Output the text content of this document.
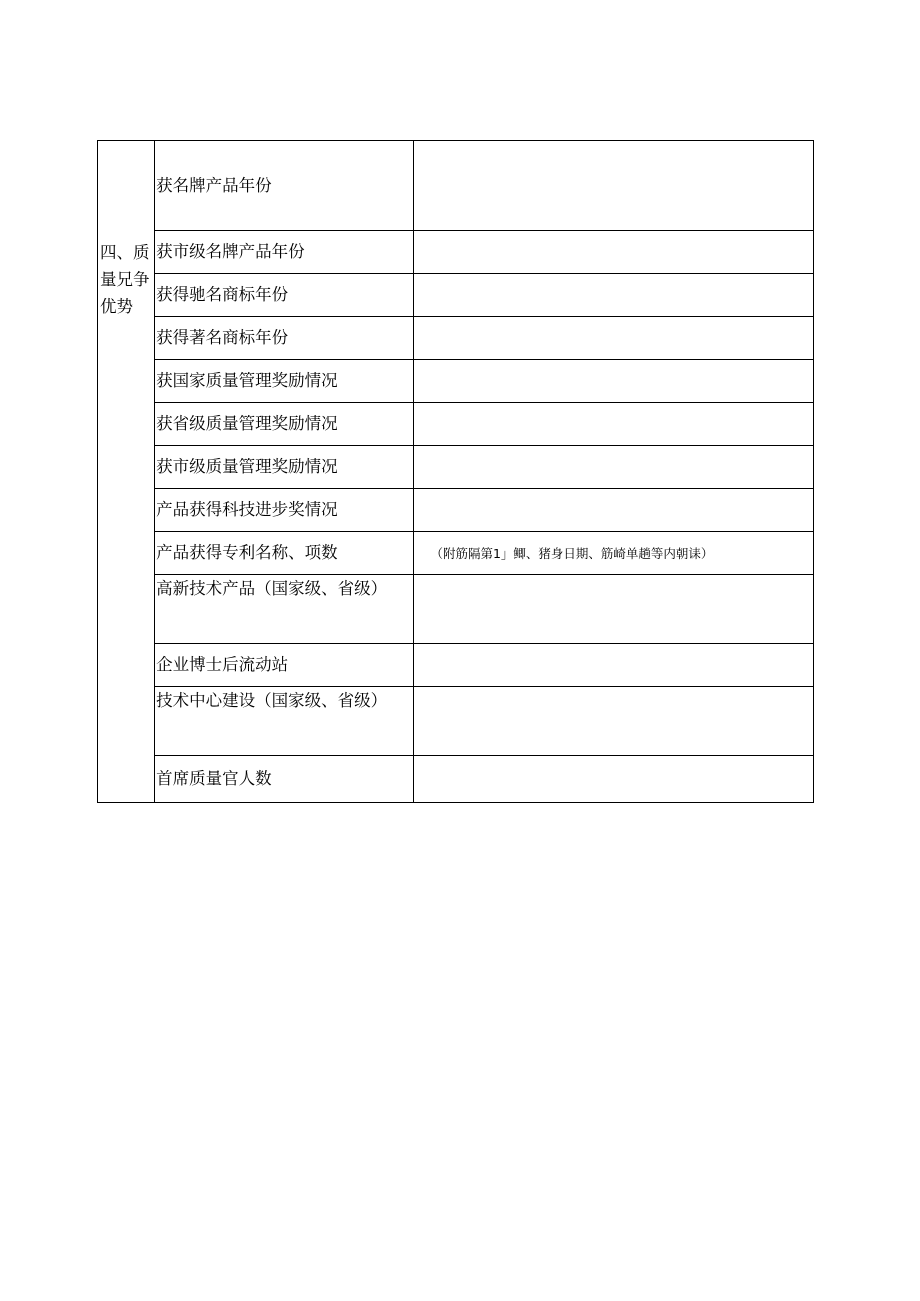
四、质量兄争优势	获名牌产品年份	
	获市级名牌产品年份	
	获得驰名商标年份	
	获得著名商标年份	
	获国家质量管理奖励情况	
	获省级质量管理奖励情况	
	获市级质量管理奖励情况	
	产品获得科技进步奖情况	
	产品获得专利名称、项数	（附筋隔第1」鲫、猪身日期、筋崎单趟等内朝诔）
	高新技术产品（国家级、省级）	
	企业博士后流动站	
	技术中心建设（国家级、省级）	
	首席质量官人数	
